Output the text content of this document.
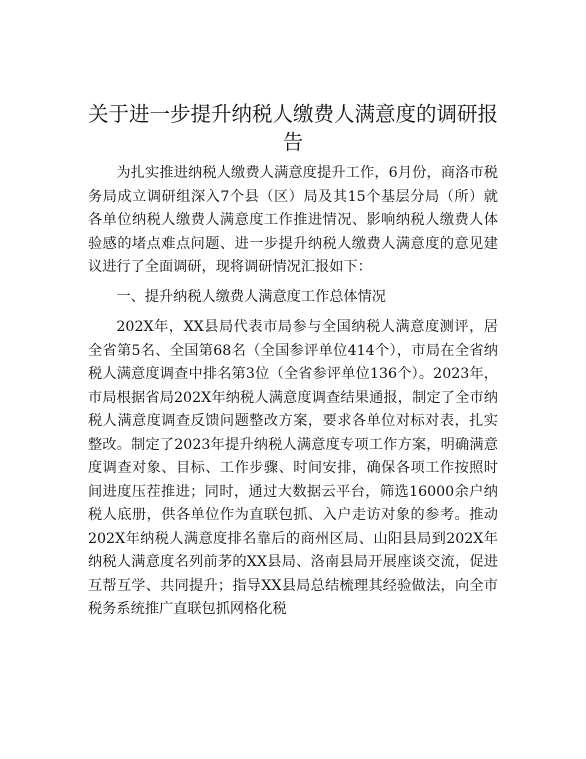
关于进一步提升纳税人缴费人满意度的调研报告

为扎实推进纳税人缴费人满意度提升工作，6月份，商洛市税务局成立调研组深入7个县（区）局及其15个基层分局（所）就各单位纳税人缴费人满意度工作推进情况、影响纳税人缴费人体验感的堵点难点问题、进一步提升纳税人缴费人满意度的意见建议进行了全面调研，现将调研情况汇报如下：

一、提升纳税人缴费人满意度工作总体情况

202X年，XX县局代表市局参与全国纳税人满意度测评，居全省第5名、全国第68名（全国参评单位414个），市局在全省纳税人满意度调查中排名第3位（全省参评单位136个）。2023年，市局根据省局202X年纳税人满意度调查结果通报，制定了全市纳税人满意度调查反馈问题整改方案，要求各单位对标对表，扎实整改。制定了2023年提升纳税人满意度专项工作方案，明确满意度调查对象、目标、工作步骤、时间安排，确保各项工作按照时间进度压茬推进；同时，通过大数据云平台，筛选16000余户纳税人底册，供各单位作为直联包抓、入户走访对象的参考。推动202X年纳税人满意度排名靠后的商州区局、山阳县局到202X年纳税人满意度名列前茅的XX县局、洛南县局开展座谈交流，促进互帮互学、共同提升；指导XX县局总结梳理其经验做法，向全市税务系统推广直联包抓网格化税
